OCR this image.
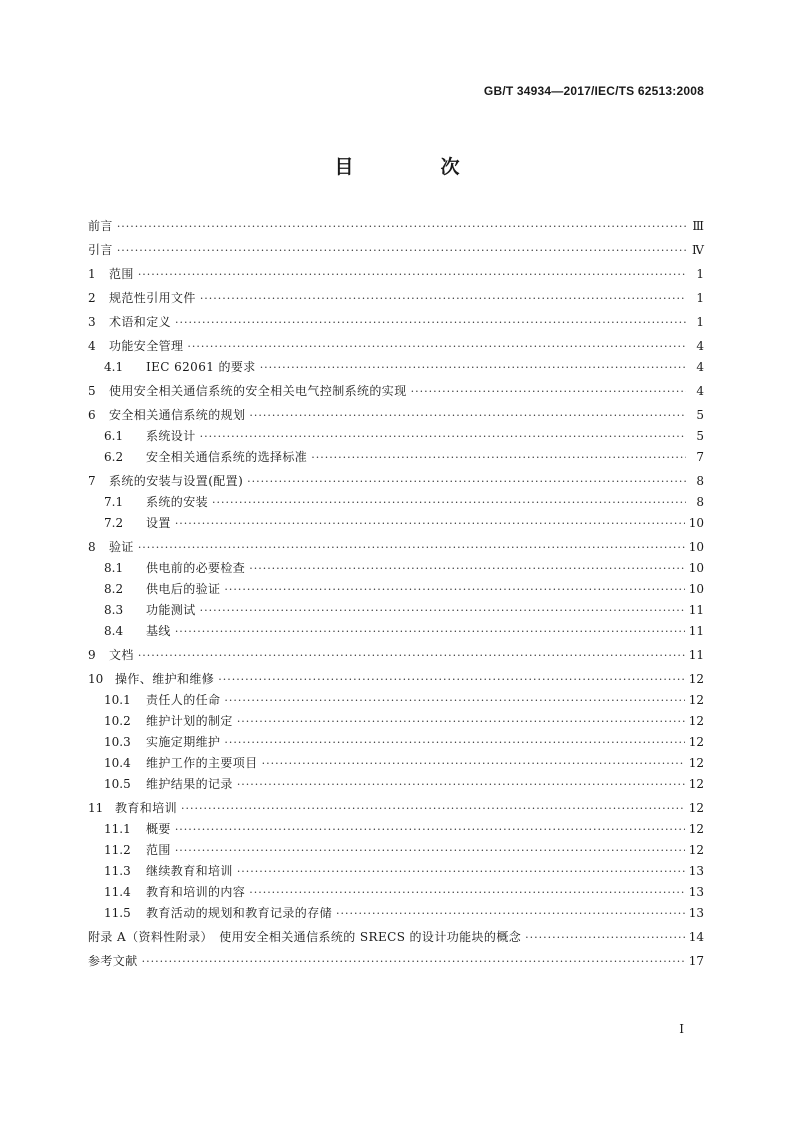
GB/T 34934—2017/IEC/TS 62513:2008
目　次
前言 ·····	Ⅲ
引言 ·····	Ⅳ
1	范围 ·····	1
2	规范性引用文件 ·····	1
3	术语和定义 ·····	1
4	功能安全管理 ·····	4
4.1	IEC 62061 的要求 ·····	4
5	使用安全相关通信系统的安全相关电气控制系统的实现 ·····	4
6	安全相关通信系统的规划 ·····	5
6.1	系统设计 ·····	5
6.2	安全相关通信系统的选择标准 ·····	7
7	系统的安装与设置(配置) ·····	8
7.1	系统的安装 ·····	8
7.2	设置 ·····	10
8	验证 ·····	10
8.1	供电前的必要检查 ·····	10
8.2	供电后的验证 ·····	10
8.3	功能测试 ·····	11
8.4	基线 ·····	11
9	文档 ·····	11
10 操作、维护和维修 ·····	12
10.1	责任人的任命 ·····	12
10.2	维护计划的制定 ·····	12
10.3	实施定期维护 ·····	12
10.4	维护工作的主要项目 ·····	12
10.5	维护结果的记录 ·····	12
11 教育和培训 ·····	12
11.1	概要 ·····	12
11.2	范围 ·····	12
11.3	继续教育和培训 ·····	13
11.4	教育和培训的内容 ·····	13
11.5	教育活动的规划和教育记录的存储 ·····	13
附录 A（资料性附录）　使用安全相关通信系统的 SRECS 的设计功能块的概念 ·····	14
参考文献 ·····	17
Ⅰ
